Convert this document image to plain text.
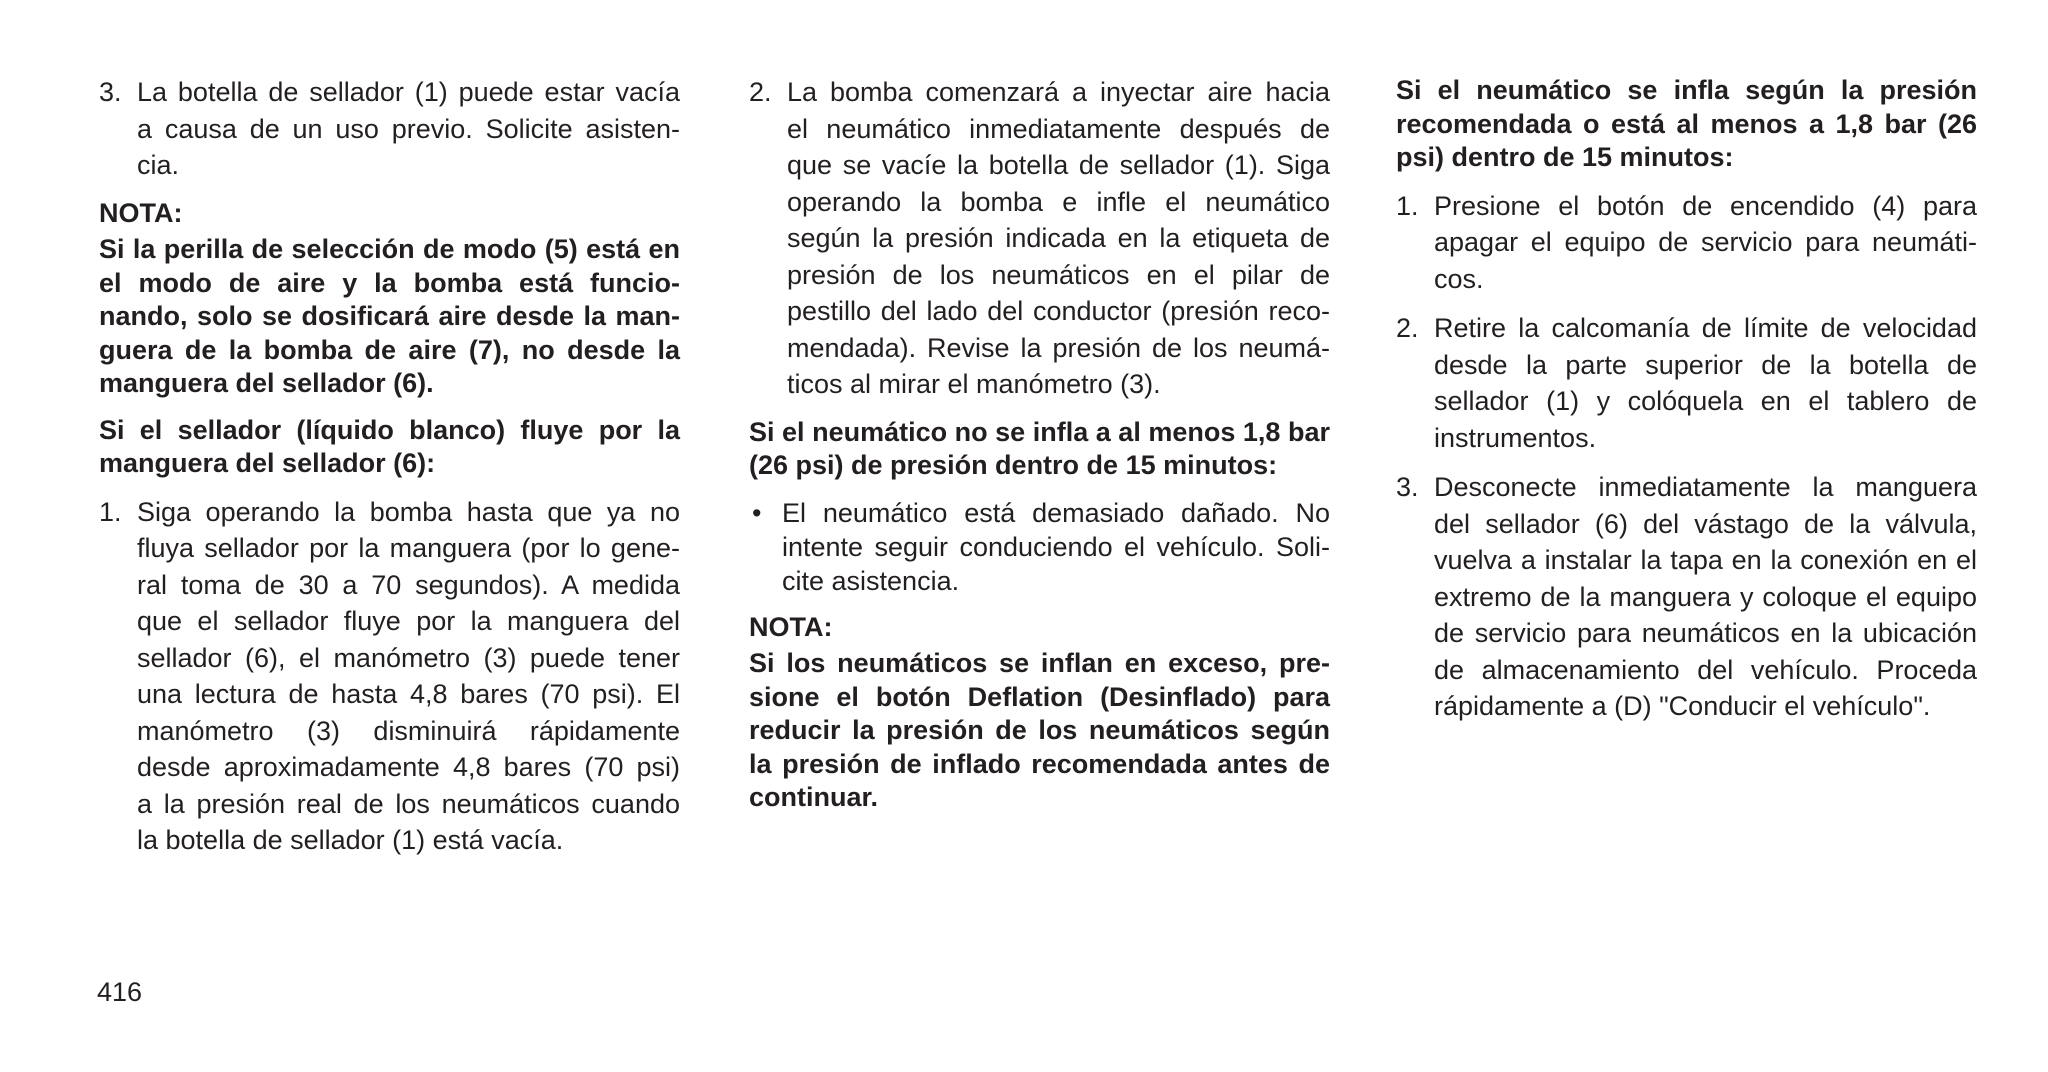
3. La botella de sellador (1) puede estar vacía
a causa de un uso previo. Solicite asisten-
cia.
NOTA:
Si la perilla de selección de modo (5) está en
el modo de aire y la bomba está funcio-
nando, solo se dosificará aire desde la man-
guera de la bomba de aire (7), no desde la
manguera del sellador (6).
Si el sellador (líquido blanco) fluye por la
manguera del sellador (6):
1. Siga operando la bomba hasta que ya no
fluya sellador por la manguera (por lo gene-
ral toma de 30 a 70 segundos). A medida
que el sellador fluye por la manguera del
sellador (6), el manómetro (3) puede tener
una lectura de hasta 4,8 bares (70 psi). El
manómetro (3) disminuirá rápidamente
desde aproximadamente 4,8 bares (70 psi)
a la presión real de los neumáticos cuando
la botella de sellador (1) está vacía.
2. La bomba comenzará a inyectar aire hacia
el neumático inmediatamente después de
que se vacíe la botella de sellador (1). Siga
operando la bomba e infle el neumático
según la presión indicada en la etiqueta de
presión de los neumáticos en el pilar de
pestillo del lado del conductor (presión reco-
mendada). Revise la presión de los neumá-
ticos al mirar el manómetro (3).
Si el neumático no se infla a al menos 1,8 bar
(26 psi) de presión dentro de 15 minutos:
• El neumático está demasiado dañado. No
intente seguir conduciendo el vehículo. Soli-
cite asistencia.
NOTA:
Si los neumáticos se inflan en exceso, pre-
sione el botón Deflation (Desinflado) para
reducir la presión de los neumáticos según
la presión de inflado recomendada antes de
continuar.
Si el neumático se infla según la presión
recomendada o está al menos a 1,8 bar (26
psi) dentro de 15 minutos:
1. Presione el botón de encendido (4) para
apagar el equipo de servicio para neumáti-
cos.
2. Retire la calcomanía de límite de velocidad
desde la parte superior de la botella de
sellador (1) y colóquela en el tablero de
instrumentos.
3. Desconecte inmediatamente la manguera
del sellador (6) del vástago de la válvula,
vuelva a instalar la tapa en la conexión en el
extremo de la manguera y coloque el equipo
de servicio para neumáticos en la ubicación
de almacenamiento del vehículo. Proceda
rápidamente a (D) "Conducir el vehículo".
416
